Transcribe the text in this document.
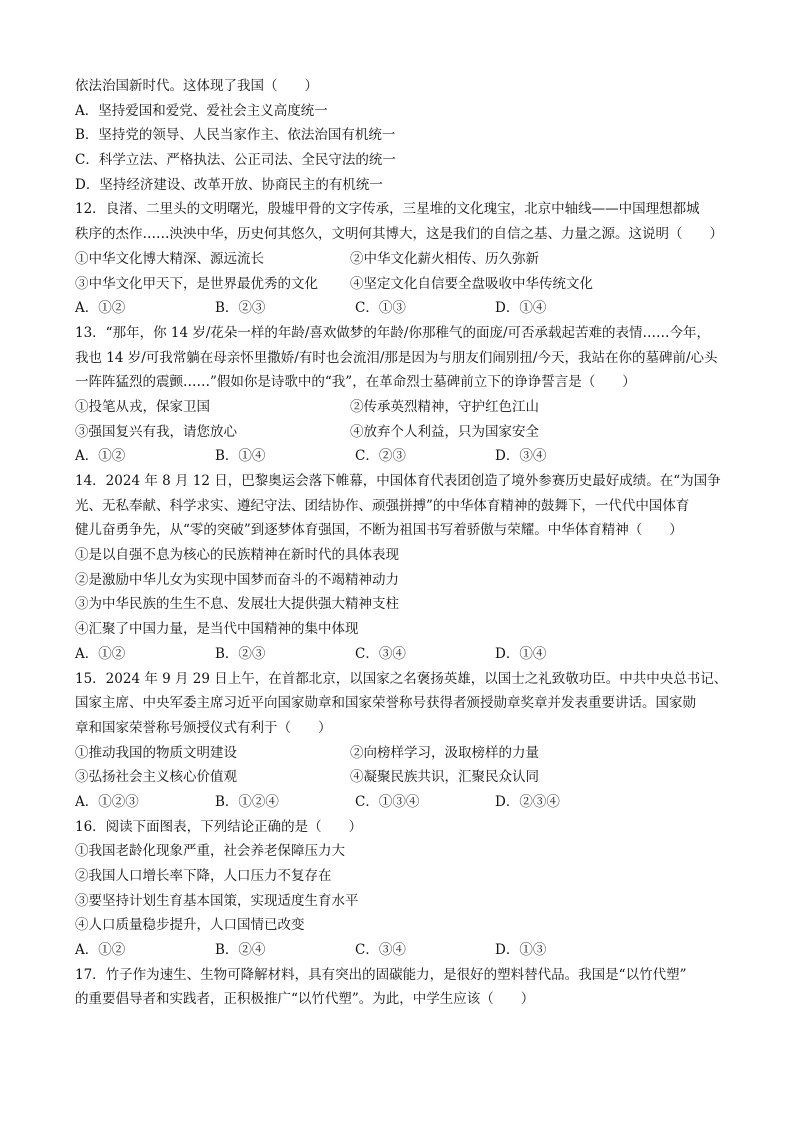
依法治国新时代。这体现了我国（　　）
A．坚持爱国和爱党、爱社会主义高度统一
B．坚持党的领导、人民当家作主、依法治国有机统一
C．科学立法、严格执法、公正司法、全民守法的统一
D．坚持经济建设、改革开放、协商民主的有机统一
12．良渚、二里头的文明曙光，殷墟甲骨的文字传承，三星堆的文化瑰宝，北京中轴线——中国理想都城
秩序的杰作……泱泱中华，历史何其悠久，文明何其博大，这是我们的自信之基、力量之源。这说明（　　）
①中华文化博大精深、源远流长	②中华文化薪火相传、历久弥新
③中华文化甲天下，是世界最优秀的文化	④坚定文化自信要全盘吸收中华传统文化
A．①②	B．②③	C．①③	D．①④
13．“那年，你 14 岁/花朵一样的年龄/喜欢做梦的年龄/你那稚气的面庞/可否承载起苦难的表情……今年，
我也 14 岁/可我常躺在母亲怀里撒娇/有时也会流泪/那是因为与朋友们闹别扭/今天，我站在你的墓碑前/心头
一阵阵猛烈的震颤……”假如你是诗歌中的“我”，在革命烈士墓碑前立下的诤诤誓言是（　　）
①投笔从戎，保家卫国	②传承英烈精神，守护红色江山
③强国复兴有我，请您放心	④放弃个人利益，只为国家安全
A．①②	B．①④	C．②③	D．③④
14．2024 年 8 月 12 日，巴黎奥运会落下帷幕，中国体育代表团创造了境外参赛历史最好成绩。在“为国争
光、无私奉献、科学求实、遵纪守法、团结协作、顽强拼搏”的中华体育精神的鼓舞下，一代代中国体育
健儿奋勇争先，从“零的突破”到逐梦体育强国，不断为祖国书写着骄傲与荣耀。中华体育精神（　　）
①是以自强不息为核心的民族精神在新时代的具体表现
②是激励中华儿女为实现中国梦而奋斗的不竭精神动力
③为中华民族的生生不息、发展壮大提供强大精神支柱
④汇聚了中国力量，是当代中国精神的集中体现
A．①②	B．②③	C．③④	D．①④
15．2024 年 9 月 29 日上午，在首都北京，以国家之名褒扬英雄，以国士之礼致敬功臣。中共中央总书记、
国家主席、中央军委主席习近平向国家勋章和国家荣誉称号获得者颁授勋章奖章并发表重要讲话。国家勋
章和国家荣誉称号颁授仪式有利于（　　）
①推动我国的物质文明建设	②向榜样学习，汲取榜样的力量
③弘扬社会主义核心价值观	④凝聚民族共识，汇聚民众认同
A．①②③	B．①②④	C．①③④	D．②③④
16．阅读下面图表，下列结论正确的是（　　）
①我国老龄化现象严重，社会养老保障压力大
②我国人口增长率下降，人口压力不复存在
③要坚持计划生育基本国策，实现适度生育水平
④人口质量稳步提升，人口国情已改变
A．①②	B．②④	C．③④	D．①③
17．竹子作为速生、生物可降解材料，具有突出的固碳能力，是很好的塑料替代品。我国是“以竹代塑”
的重要倡导者和实践者，正积极推广“以竹代塑”。为此，中学生应该（　　）
